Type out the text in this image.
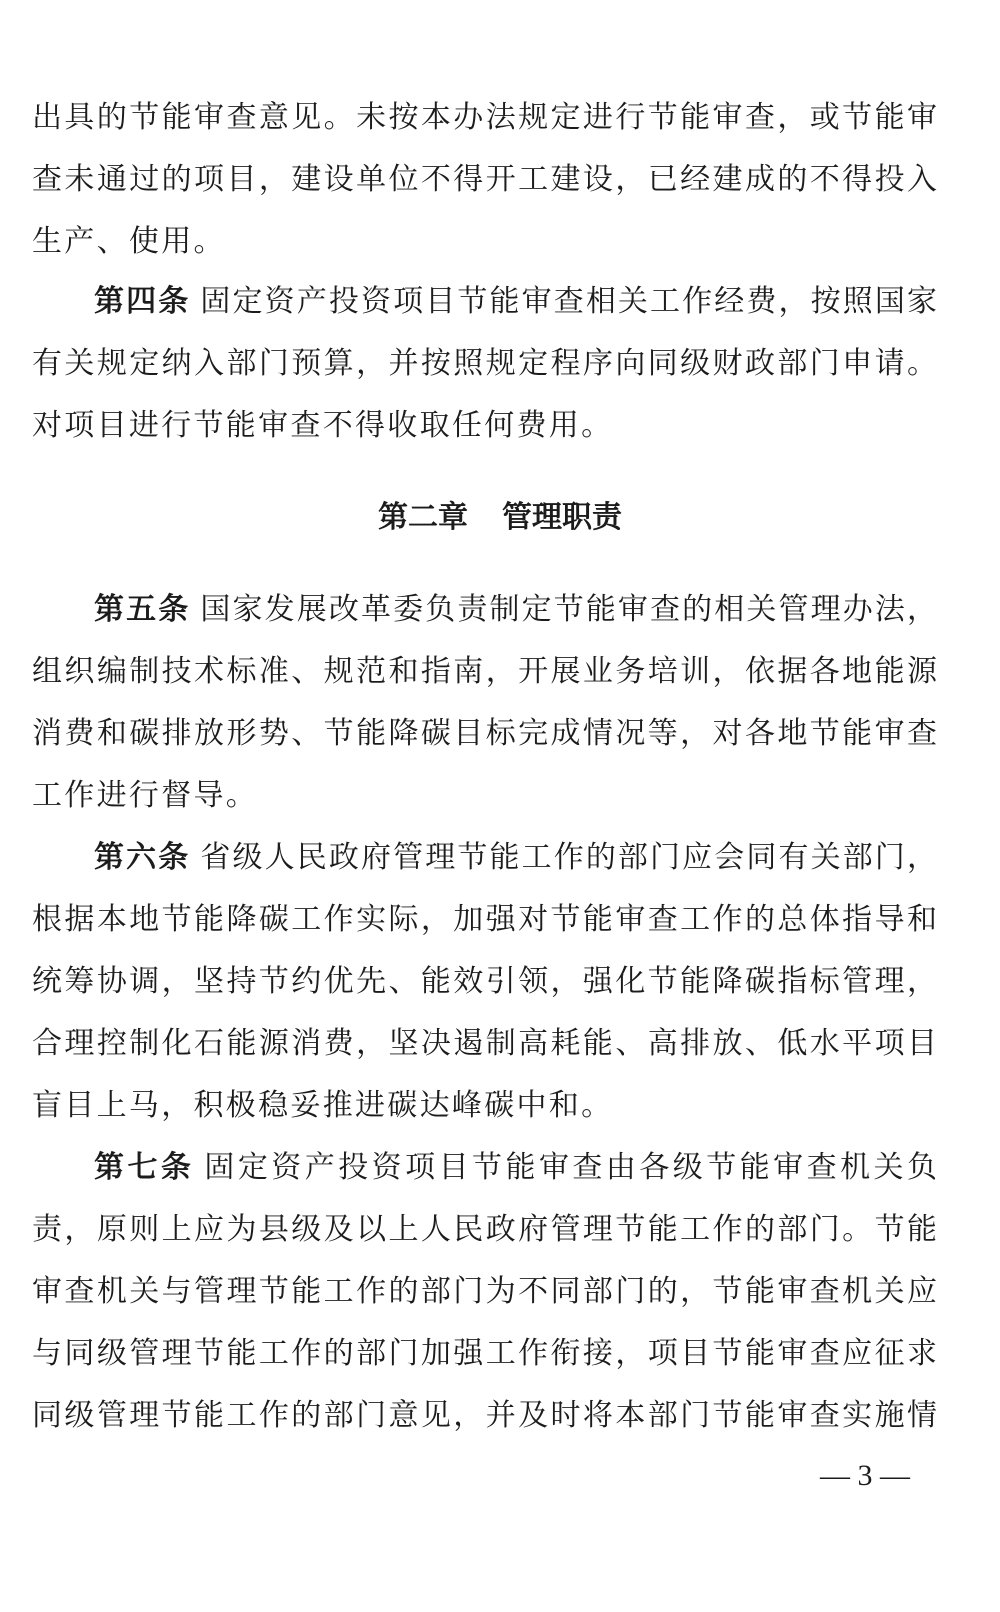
出具的节能审查意见。未按本办法规定进行节能审查，或节能审
查未通过的项目，建设单位不得开工建设，已经建成的不得投入
生产、使用。
第四条 固定资产投资项目节能审查相关工作经费，按照国家
有关规定纳入部门预算，并按照规定程序向同级财政部门申请。
对项目进行节能审查不得收取任何费用。
第二章 管理职责
第五条 国家发展改革委负责制定节能审查的相关管理办法，
组织编制技术标准、规范和指南，开展业务培训，依据各地能源
消费和碳排放形势、节能降碳目标完成情况等，对各地节能审查
工作进行督导。
第六条 省级人民政府管理节能工作的部门应会同有关部门，
根据本地节能降碳工作实际，加强对节能审查工作的总体指导和
统筹协调，坚持节约优先、能效引领，强化节能降碳指标管理，
合理控制化石能源消费，坚决遏制高耗能、高排放、低水平项目
盲目上马，积极稳妥推进碳达峰碳中和。
第七条 固定资产投资项目节能审查由各级节能审查机关负
责，原则上应为县级及以上人民政府管理节能工作的部门。节能
审查机关与管理节能工作的部门为不同部门的，节能审查机关应
与同级管理节能工作的部门加强工作衔接，项目节能审查应征求
同级管理节能工作的部门意见，并及时将本部门节能审查实施情
— 3 —
